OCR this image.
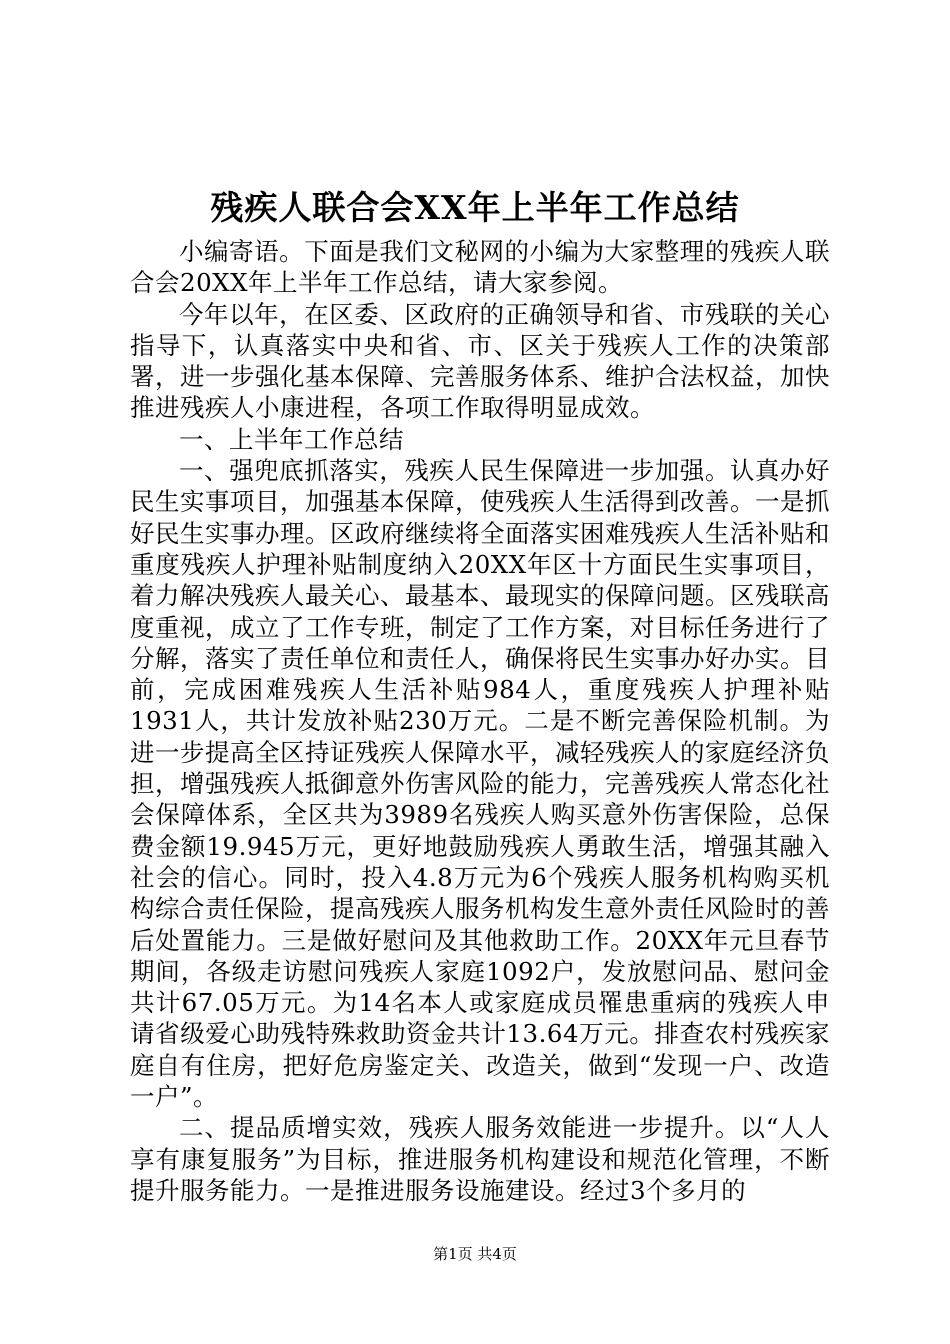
残疾人联合会XX年上半年工作总结

小编寄语。下面是我们文秘网的小编为大家整理的残疾人联合会20XX年上半年工作总结，请大家参阅。

今年以年，在区委、区政府的正确领导和省、市残联的关心指导下，认真落实中央和省、市、区关于残疾人工作的决策部署，进一步强化基本保障、完善服务体系、维护合法权益，加快推进残疾人小康进程，各项工作取得明显成效。

一、上半年工作总结

一、强兜底抓落实，残疾人民生保障进一步加强。认真办好民生实事项目，加强基本保障，使残疾人生活得到改善。一是抓好民生实事办理。区政府继续将全面落实困难残疾人生活补贴和重度残疾人护理补贴制度纳入20XX年区十方面民生实事项目，着力解决残疾人最关心、最基本、最现实的保障问题。区残联高度重视，成立了工作专班，制定了工作方案，对目标任务进行了分解，落实了责任单位和责任人，确保将民生实事办好办实。目前，完成困难残疾人生活补贴984人，重度残疾人护理补贴1931人，共计发放补贴230万元。二是不断完善保险机制。为进一步提高全区持证残疾人保障水平，减轻残疾人的家庭经济负担，增强残疾人抵御意外伤害风险的能力，完善残疾人常态化社会保障体系，全区共为3989名残疾人购买意外伤害保险，总保费金额19.945万元，更好地鼓励残疾人勇敢生活，增强其融入社会的信心。同时，投入4.8万元为6个残疾人服务机构购买机构综合责任保险，提高残疾人服务机构发生意外责任风险时的善后处置能力。三是做好慰问及其他救助工作。20XX年元旦春节期间，各级走访慰问残疾人家庭1092户，发放慰问品、慰问金共计67.05万元。为14名本人或家庭成员罹患重病的残疾人申请省级爱心助残特殊救助资金共计13.64万元。排查农村残疾家庭自有住房，把好危房鉴定关、改造关，做到“发现一户、改造一户”。

二、提品质增实效，残疾人服务效能进一步提升。以“人人享有康复服务”为目标，推进服务机构建设和规范化管理，不断提升服务能力。一是推进服务设施建设。经过3个多月的

第1页 共4页
